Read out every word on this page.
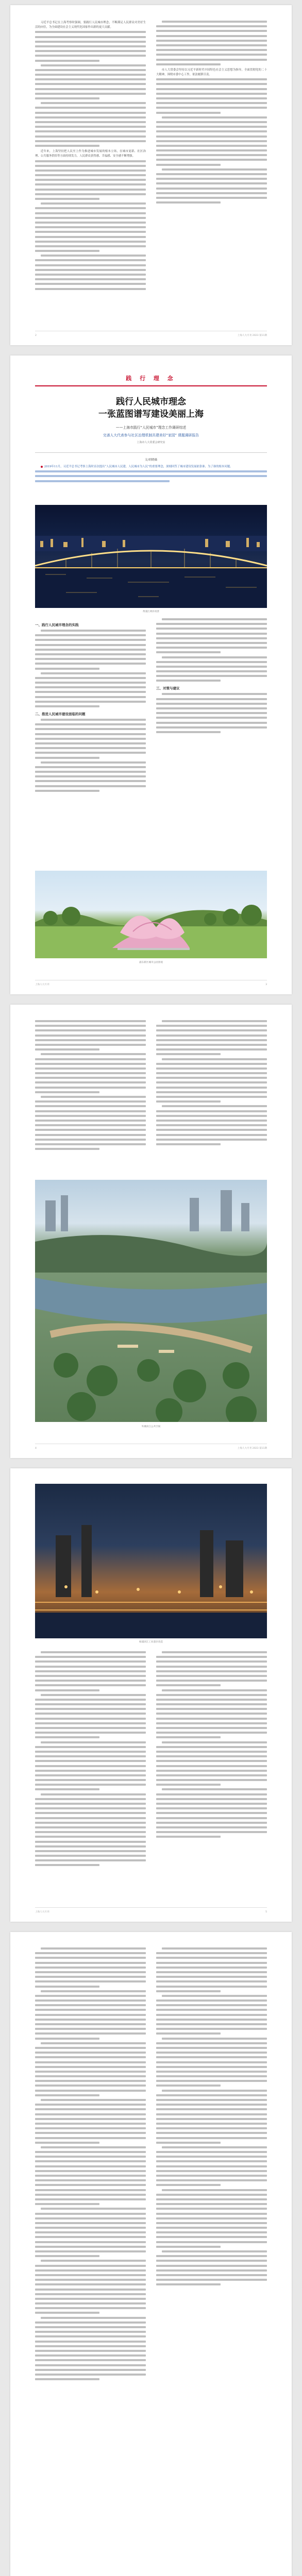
习近平总书记在上海考察时强调，要践行人民城市理念，不断满足人民群众对美好生活的向往，为全面建设社会主义现代化国家作出新的更大贡献。

近年来，上海坚持把人民至上作为推进城市发展的根本立场，在城市更新、社区治理、公共服务供给等方面持续发力，人民群众获得感、幸福感、安全感不断增强。

市人大常委会坚持以习近平新时代中国特色社会主义思想为指导，全面贯彻党的二十大精神，围绕市委中心工作，依法履职尽责。

2	上海人大月刊 2023 第11期
践 行 理 念
践行人民城市理念
一张蓝图谱写建设美丽上海
——上海市践行“人民城市”理念工作调研综述
完善人大代表参与社区治理机制共建美好“家园” 课题调研报告
上海市人大常委会研究室
文/胡晓薇

2019年11月，习近平总书记考察上海时首次提出“人民城市人民建，人民城市为人民”的重要理念，深刻回答了城市建设发展依靠谁、为了谁的根本问题。

黄浦江两岸夜景
一、践行人民城市理念的实践
二、推进人民城市建设面临的问题
三、对策与建议
浦东新区城市公园景观
上海人大月刊	3
外滩滨江公共空间
4	上海人大月刊 2023 第11期
杨浦滨江工业遗存改造
上海人大月刊	5
